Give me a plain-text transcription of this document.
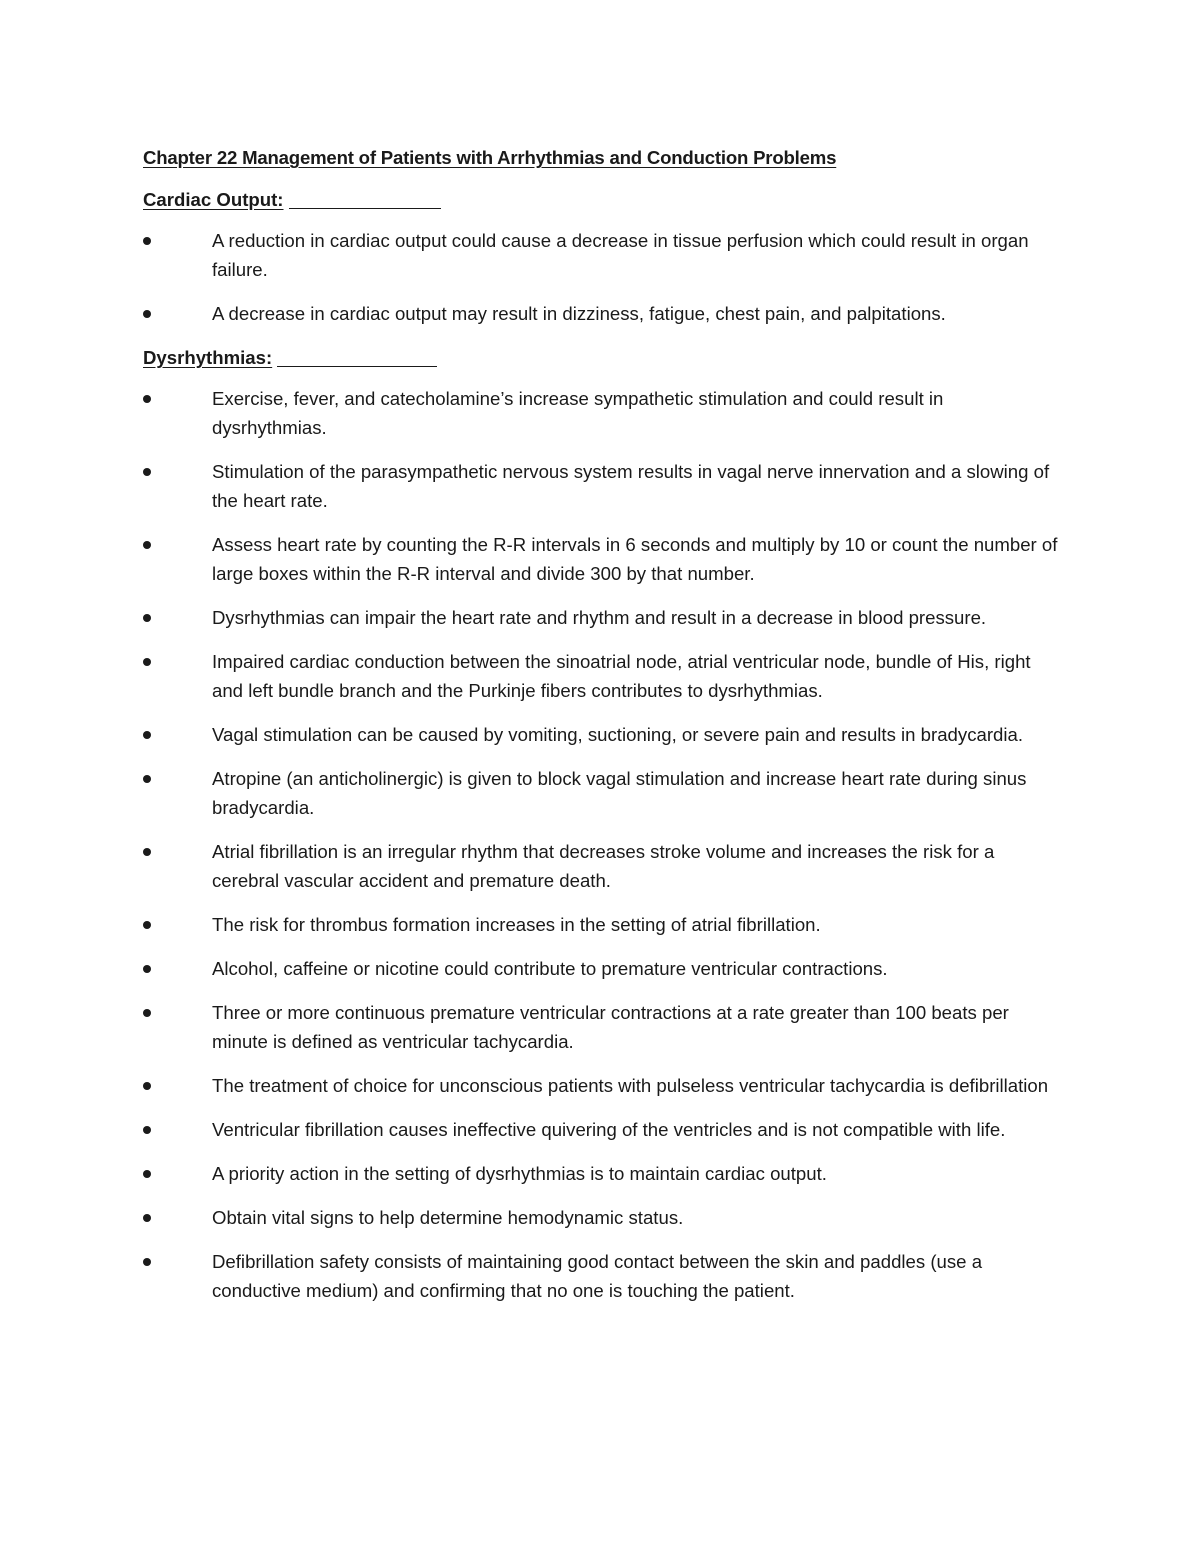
Chapter 22 Management of Patients with Arrhythmias and Conduction Problems
Cardiac Output:
A reduction in cardiac output could cause a decrease in tissue perfusion which could result in organ failure.
A decrease in cardiac output may result in dizziness, fatigue, chest pain, and palpitations.
Dysrhythmias:
Exercise, fever, and catecholamine’s increase sympathetic stimulation and could result in dysrhythmias.
Stimulation of the parasympathetic nervous system results in vagal nerve innervation and a slowing of the heart rate.
Assess heart rate by counting the R-R intervals in 6 seconds and multiply by 10 or count the number of large boxes within the R-R interval and divide 300 by that number.
Dysrhythmias can impair the heart rate and rhythm and result in a decrease in blood pressure.
Impaired cardiac conduction between the sinoatrial node, atrial ventricular node, bundle of His, right and left bundle branch and the Purkinje fibers contributes to dysrhythmias.
Vagal stimulation can be caused by vomiting, suctioning, or severe pain and results in bradycardia.
Atropine (an anticholinergic) is given to block vagal stimulation and increase heart rate during sinus bradycardia.
Atrial fibrillation is an irregular rhythm that decreases stroke volume and increases the risk for a cerebral vascular accident and premature death.
The risk for thrombus formation increases in the setting of atrial fibrillation.
Alcohol, caffeine or nicotine could contribute to premature ventricular contractions.
Three or more continuous premature ventricular contractions at a rate greater than 100 beats per minute is defined as ventricular tachycardia.
The treatment of choice for unconscious patients with pulseless ventricular tachycardia is defibrillation
Ventricular fibrillation causes ineffective quivering of the ventricles and is not compatible with life.
A priority action in the setting of dysrhythmias is to maintain cardiac output.
Obtain vital signs to help determine hemodynamic status.
Defibrillation safety consists of maintaining good contact between the skin and paddles (use a conductive medium) and confirming that no one is touching the patient.
